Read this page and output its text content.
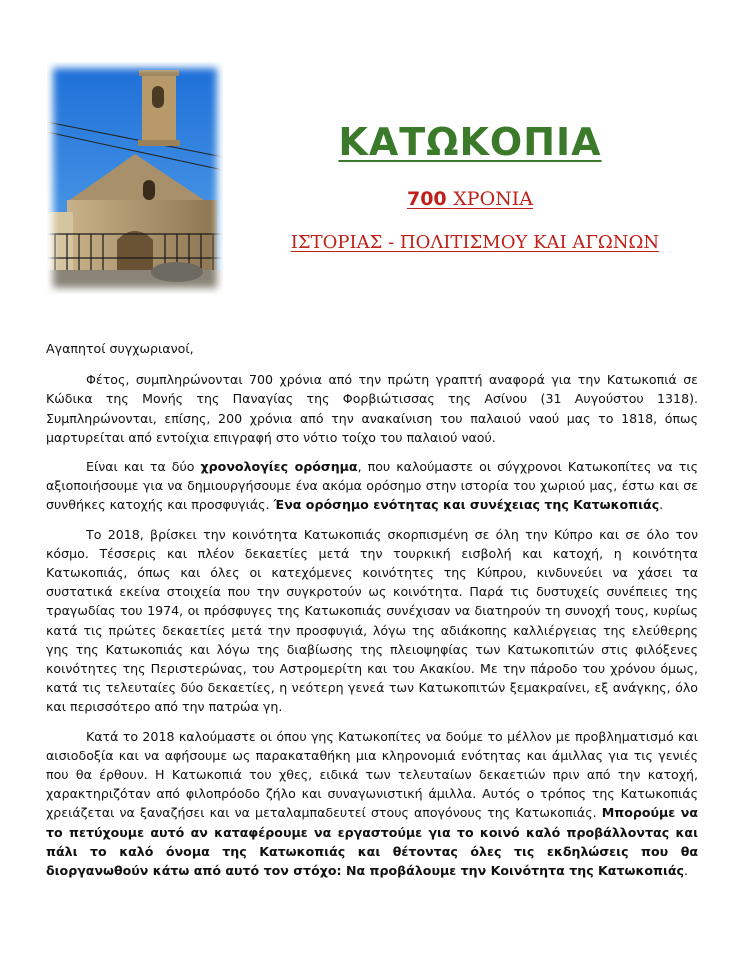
ΚΑΤΩΚΟΠΙΑ
700 ΧΡΟΝΙΑ
ΙΣΤΟΡΙΑΣ - ΠΟΛΙΤΙΣΜΟΥ ΚΑΙ ΑΓΩΝΩΝ

Αγαπητοί συγχωριανοί,

Φέτος, συμπληρώνονται 700 χρόνια από την πρώτη γραπτή αναφορά για την Κατωκοπιά σε Κώδικα της Μονής της Παναγίας της Φορβιώτισσας της Ασίνου (31 Αυγούστου 1318). Συμπληρώνονται, επίσης, 200 χρόνια από την ανακαίνιση του παλαιού ναού μας το 1818, όπως μαρτυρείται από εντοίχια επιγραφή στο νότιο τοίχο του παλαιού ναού.

Είναι και τα δύο χρονολογίες ορόσημα, που καλούμαστε οι σύγχρονοι Κατωκοπίτες να τις αξιοποιήσουμε για να δημιουργήσουμε ένα ακόμα ορόσημο στην ιστορία του χωριού μας, έστω και σε συνθήκες κατοχής και προσφυγιάς. Ένα ορόσημο ενότητας και συνέχειας της Κατωκοπιάς.

Το 2018, βρίσκει την κοινότητα Κατωκοπιάς σκορπισμένη σε όλη την Κύπρο και σε όλο τον κόσμο. Τέσσερις και πλέον δεκαετίες μετά την τουρκική εισβολή και κατοχή, η κοινότητα Κατωκοπιάς, όπως και όλες οι κατεχόμενες κοινότητες της Κύπρου, κινδυνεύει να χάσει τα συστατικά εκείνα στοιχεία που την συγκροτούν ως κοινότητα. Παρά τις δυστυχείς συνέπειες της τραγωδίας του 1974, οι πρόσφυγες της Κατωκοπιάς συνέχισαν να διατηρούν τη συνοχή τους, κυρίως κατά τις πρώτες δεκαετίες μετά την προσφυγιά, λόγω της αδιάκοπης καλλιέργειας της ελεύθερης γης της Κατωκοπιάς και λόγω της διαβίωσης της πλειοψηφίας των Κατωκοπιτών στις φιλόξενες κοινότητες της Περιστερώνας, του Αστρομερίτη και του Ακακίου. Με την πάροδο του χρόνου όμως, κατά τις τελευταίες δύο δεκαετίες, η νεότερη γενεά των Κατωκοπιτών ξεμακραίνει, εξ ανάγκης, όλο και περισσότερο από την πατρώα γη.

Κατά το 2018 καλούμαστε οι όπου γης Κατωκοπίτες να δούμε το μέλλον με προβληματισμό και αισιοδοξία και να αφήσουμε ως παρακαταθήκη μια κληρονομιά ενότητας και άμιλλας για τις γενιές που θα έρθουν. Η Κατωκοπιά του χθες, ειδικά των τελευταίων δεκαετιών πριν από την κατοχή, χαρακτηριζόταν από φιλοπρόοδο ζήλο και συναγωνιστική άμιλλα. Αυτός ο τρόπος της Κατωκοπιάς χρειάζεται να ξαναζήσει και να μεταλαμπαδευτεί στους απογόνους της Κατωκοπιάς. Μπορούμε να το πετύχουμε αυτό αν καταφέρουμε να εργαστούμε για το κοινό καλό προβάλλοντας και πάλι το καλό όνομα της Κατωκοπιάς και θέτοντας όλες τις εκδηλώσεις που θα διοργανωθούν κάτω από αυτό τον στόχο: Να προβάλουμε την Κοινότητα της Κατωκοπιάς.
